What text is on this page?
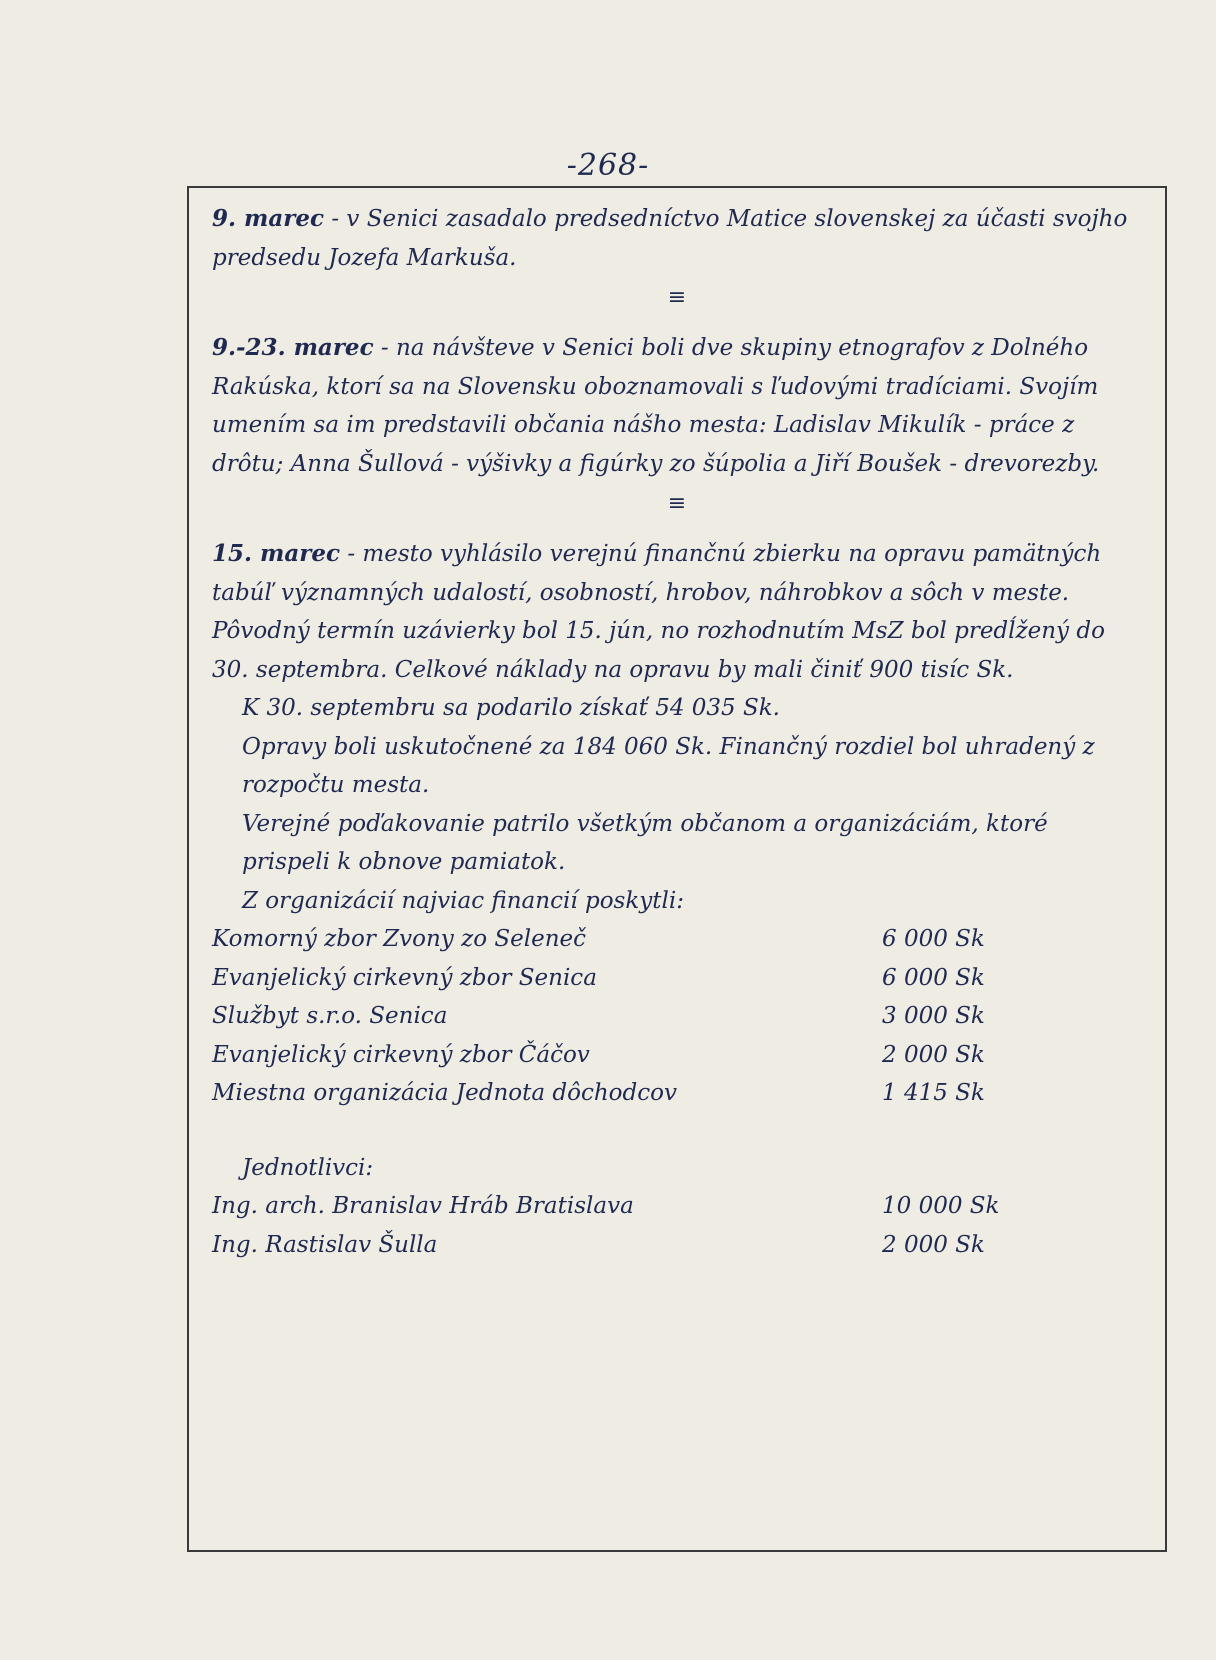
-268-

9. marec - v Senici zasadalo predsedníctvo Matice slovenskej za účasti svojho predsedu Jozefa Markuša.

≡

9.-23. marec - na návšteve v Senici boli dve skupiny etnografov z Dolného Rakúska, ktorí sa na Slovensku oboznamovali s ľudovými tradíciami. Svojím umením sa im predstavili občania nášho mesta: Ladislav Mikulík - práce z drôtu; Anna Šullová - výšivky a figúrky zo šúpolia a Jiří Boušek - drevorezby.

≡

15. marec - mesto vyhlásilo verejnú finančnú zbierku na opravu pamätných tabúľ významných udalostí, osobností, hrobov, náhrobkov a sôch v meste. Pôvodný termín uzávierky bol 15. jún, no rozhodnutím MsZ bol predĺžený do 30. septembra. Celkové náklady na opravu by mali činiť 900 tisíc Sk.

K 30. septembru sa podarilo získať 54 035 Sk.

Opravy boli uskutočnené za 184 060 Sk. Finančný rozdiel bol uhradený z rozpočtu mesta.

Verejné poďakovanie patrilo všetkým občanom a organizáciám, ktoré prispeli k obnove pamiatok.

Z organizácií najviac financií poskytli:

Komorný zbor Zvony zo Seleneč	6 000 Sk
Evanjelický cirkevný zbor Senica	6 000 Sk
Službyt s.r.o. Senica	3 000 Sk
Evanjelický cirkevný zbor Čáčov	2 000 Sk
Miestna organizácia Jednota dôchodcov	1 415 Sk
Jednotlivci:
Ing. arch. Branislav Hráb Bratislava	10 000 Sk
Ing. Rastislav Šulla	2 000 Sk
